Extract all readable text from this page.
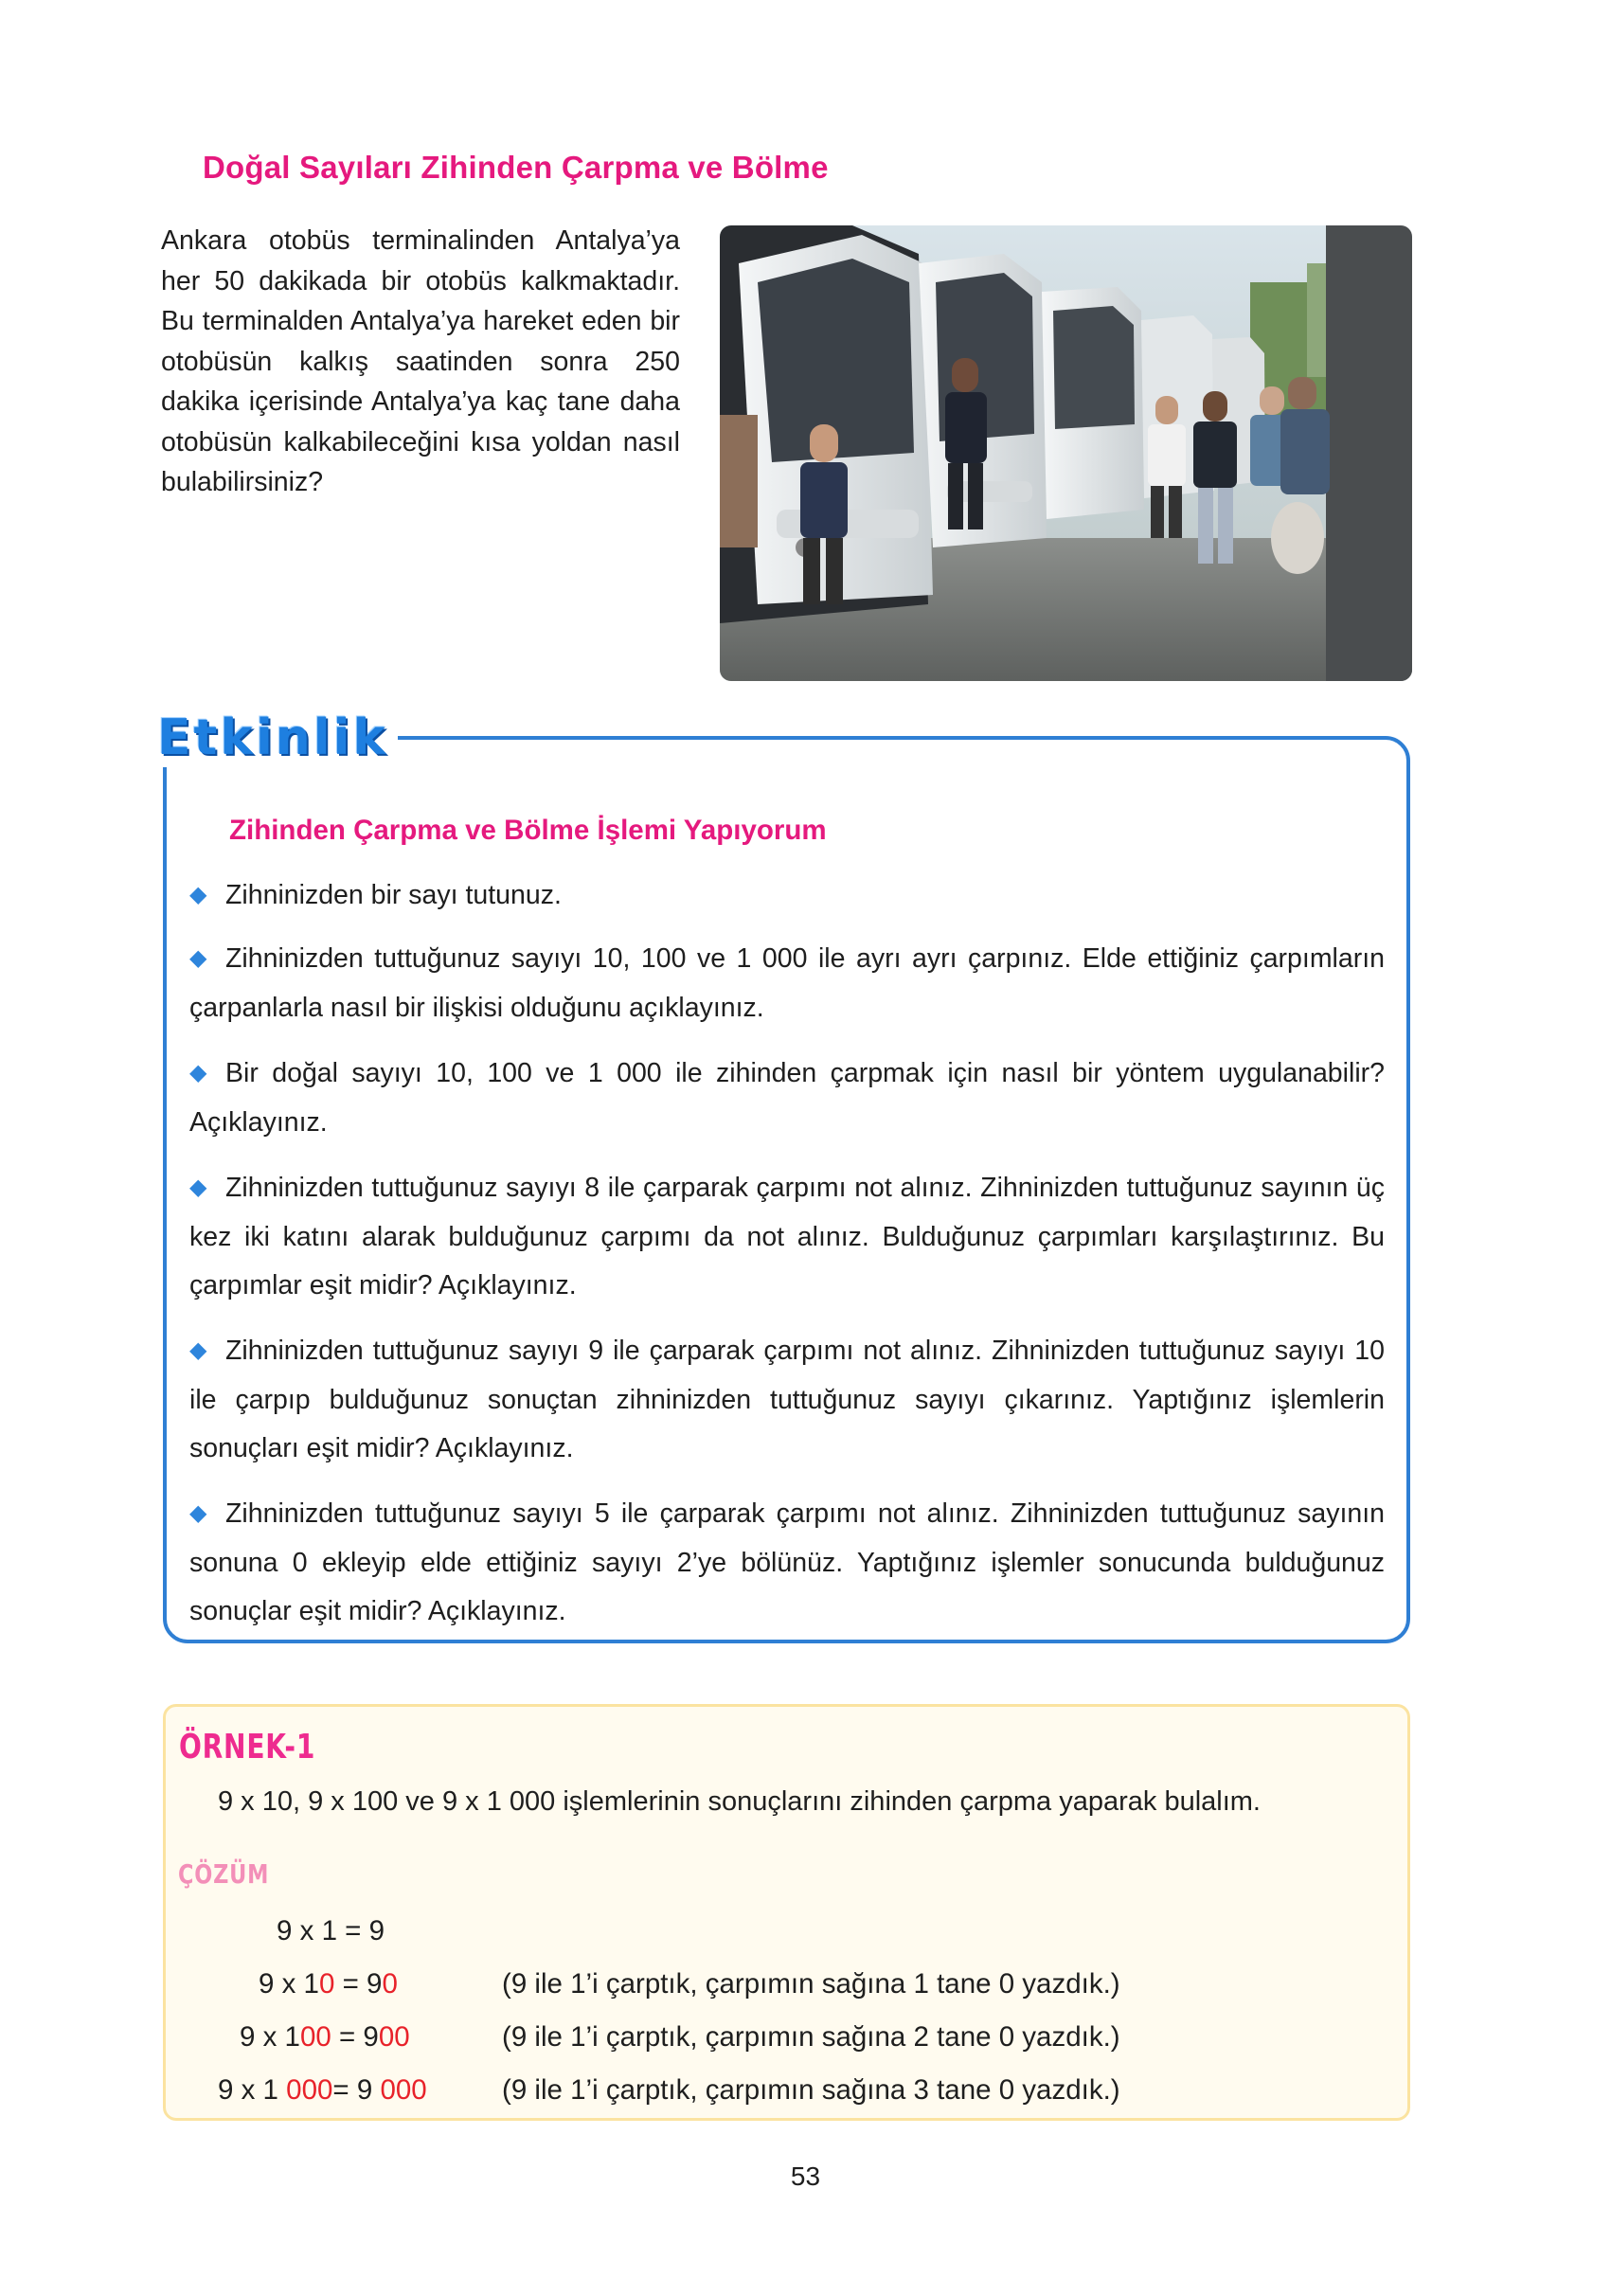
Doğal Sayıları Zihinden Çarpma ve Bölme

Ankara otobüs terminalinden Antalya’ya her 50 dakikada bir otobüs kalkmaktadır. Bu terminalden Antalya’ya hareket eden bir otobüsün kalkış saatinden sonra 250 dakika içerisinde Antalya’ya kaç tane daha otobüsün kalkabileceğini kısa yoldan nasıl bulabilirsiniz?

Etkinlik
Zihinden Çarpma ve Bölme İşlemi Yapıyorum
◆ Zihninizden bir sayı tutunuz.
◆ Zihninizden tuttuğunuz sayıyı 10, 100 ve 1 000 ile ayrı ayrı çarpınız. Elde ettiğiniz çarpımların çarpanlarla nasıl bir ilişkisi olduğunu açıklayınız.
◆ Bir doğal sayıyı 10, 100 ve 1 000 ile zihinden çarpmak için nasıl bir yöntem uygulanabilir? Açıklayınız.
◆ Zihninizden tuttuğunuz sayıyı 8 ile çarparak çarpımı not alınız. Zihninizden tuttuğunuz sayının üç kez iki katını alarak bulduğunuz çarpımı da not alınız. Bulduğunuz çarpımları karşılaştırınız. Bu çarpımlar eşit midir? Açıklayınız.
◆ Zihninizden tuttuğunuz sayıyı 9 ile çarparak çarpımı not alınız. Zihninizden tuttuğunuz sayıyı 10 ile çarpıp bulduğunuz sonuçtan zihninizden tuttuğunuz sayıyı çıkarınız. Yaptığınız işlemlerin sonuçları eşit midir? Açıklayınız.
◆ Zihninizden tuttuğunuz sayıyı 5 ile çarparak çarpımı not alınız. Zihninizden tuttuğunuz sayının sonuna 0 ekleyip elde ettiğiniz sayıyı 2’ye bölünüz. Yaptığınız işlemler sonucunda bulduğunuz sonuçlar eşit midir? Açıklayınız.

ÖRNEK-1

9 x 10, 9 x 100 ve 9 x 1 000 işlemlerinin sonuçlarını zihinden çarpma yaparak bulalım.

ÇÖZÜM

9 x 1 = 9

9 x 10 = 90

	(9 ile 1’i çarptık, çarpımın sağına 1 tane 0 yazdık.)

9 x 100 = 900

	(9 ile 1’i çarptık, çarpımın sağına 2 tane 0 yazdık.)

9 x 1 000= 9 000

	(9 ile 1’i çarptık, çarpımın sağına 3 tane 0 yazdık.)

53
